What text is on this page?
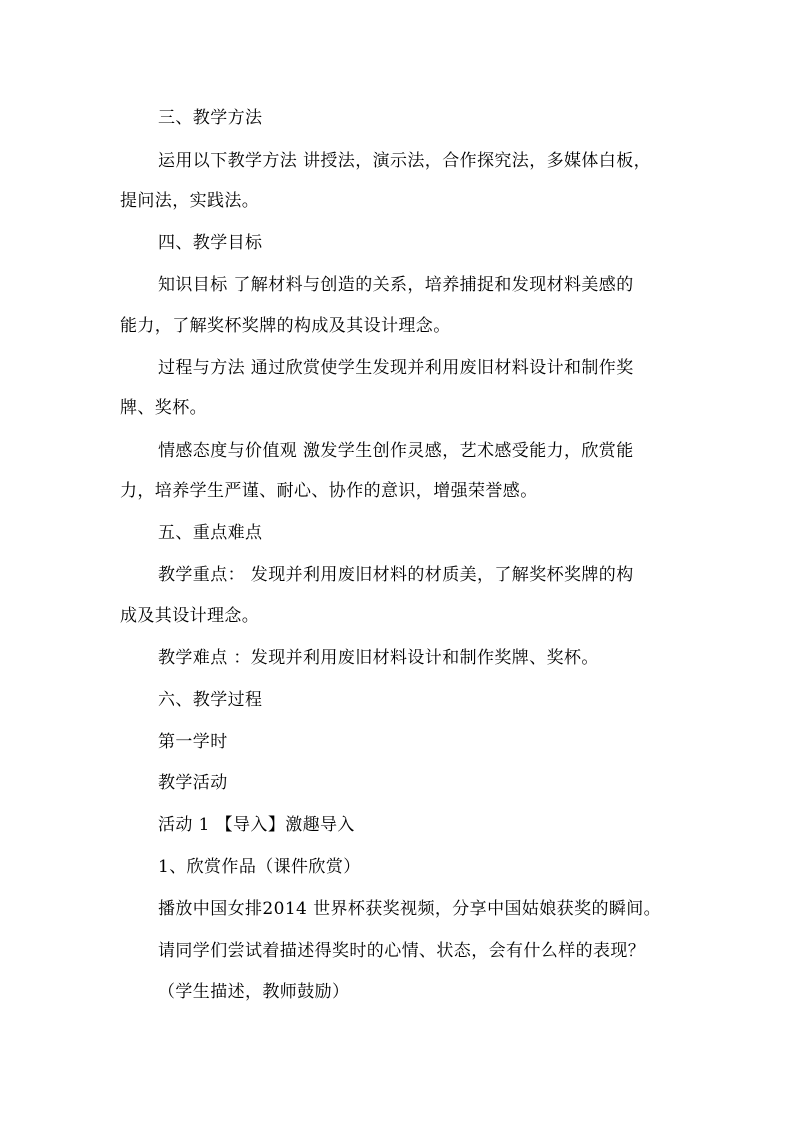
三、教学方法
运用以下教学方法 讲授法，演示法，合作探究法，多媒体白板，
提问法，实践法。
四、教学目标
知识目标 了解材料与创造的关系，培养捕捉和发现材料美感的
能力，了解奖杯奖牌的构成及其设计理念。
过程与方法 通过欣赏使学生发现并利用废旧材料设计和制作奖
牌、奖杯。
情感态度与价值观 激发学生创作灵感，艺术感受能力，欣赏能
力，培养学生严谨、耐心、协作的意识，增强荣誉感。
五、重点难点
教学重点： 发现并利用废旧材料的材质美，了解奖杯奖牌的构
成及其设计理念。
教学难点 ：发现并利用废旧材料设计和制作奖牌、奖杯。
六、教学过程
第一学时
教学活动
活动 1 【导入】激趣导入
1、欣赏作品（课件欣赏）
播放中国女排2014 世界杯获奖视频，分享中国姑娘获奖的瞬间。
请同学们尝试着描述得奖时的心情、状态，会有什么样的表现？
（学生描述，教师鼓励）
